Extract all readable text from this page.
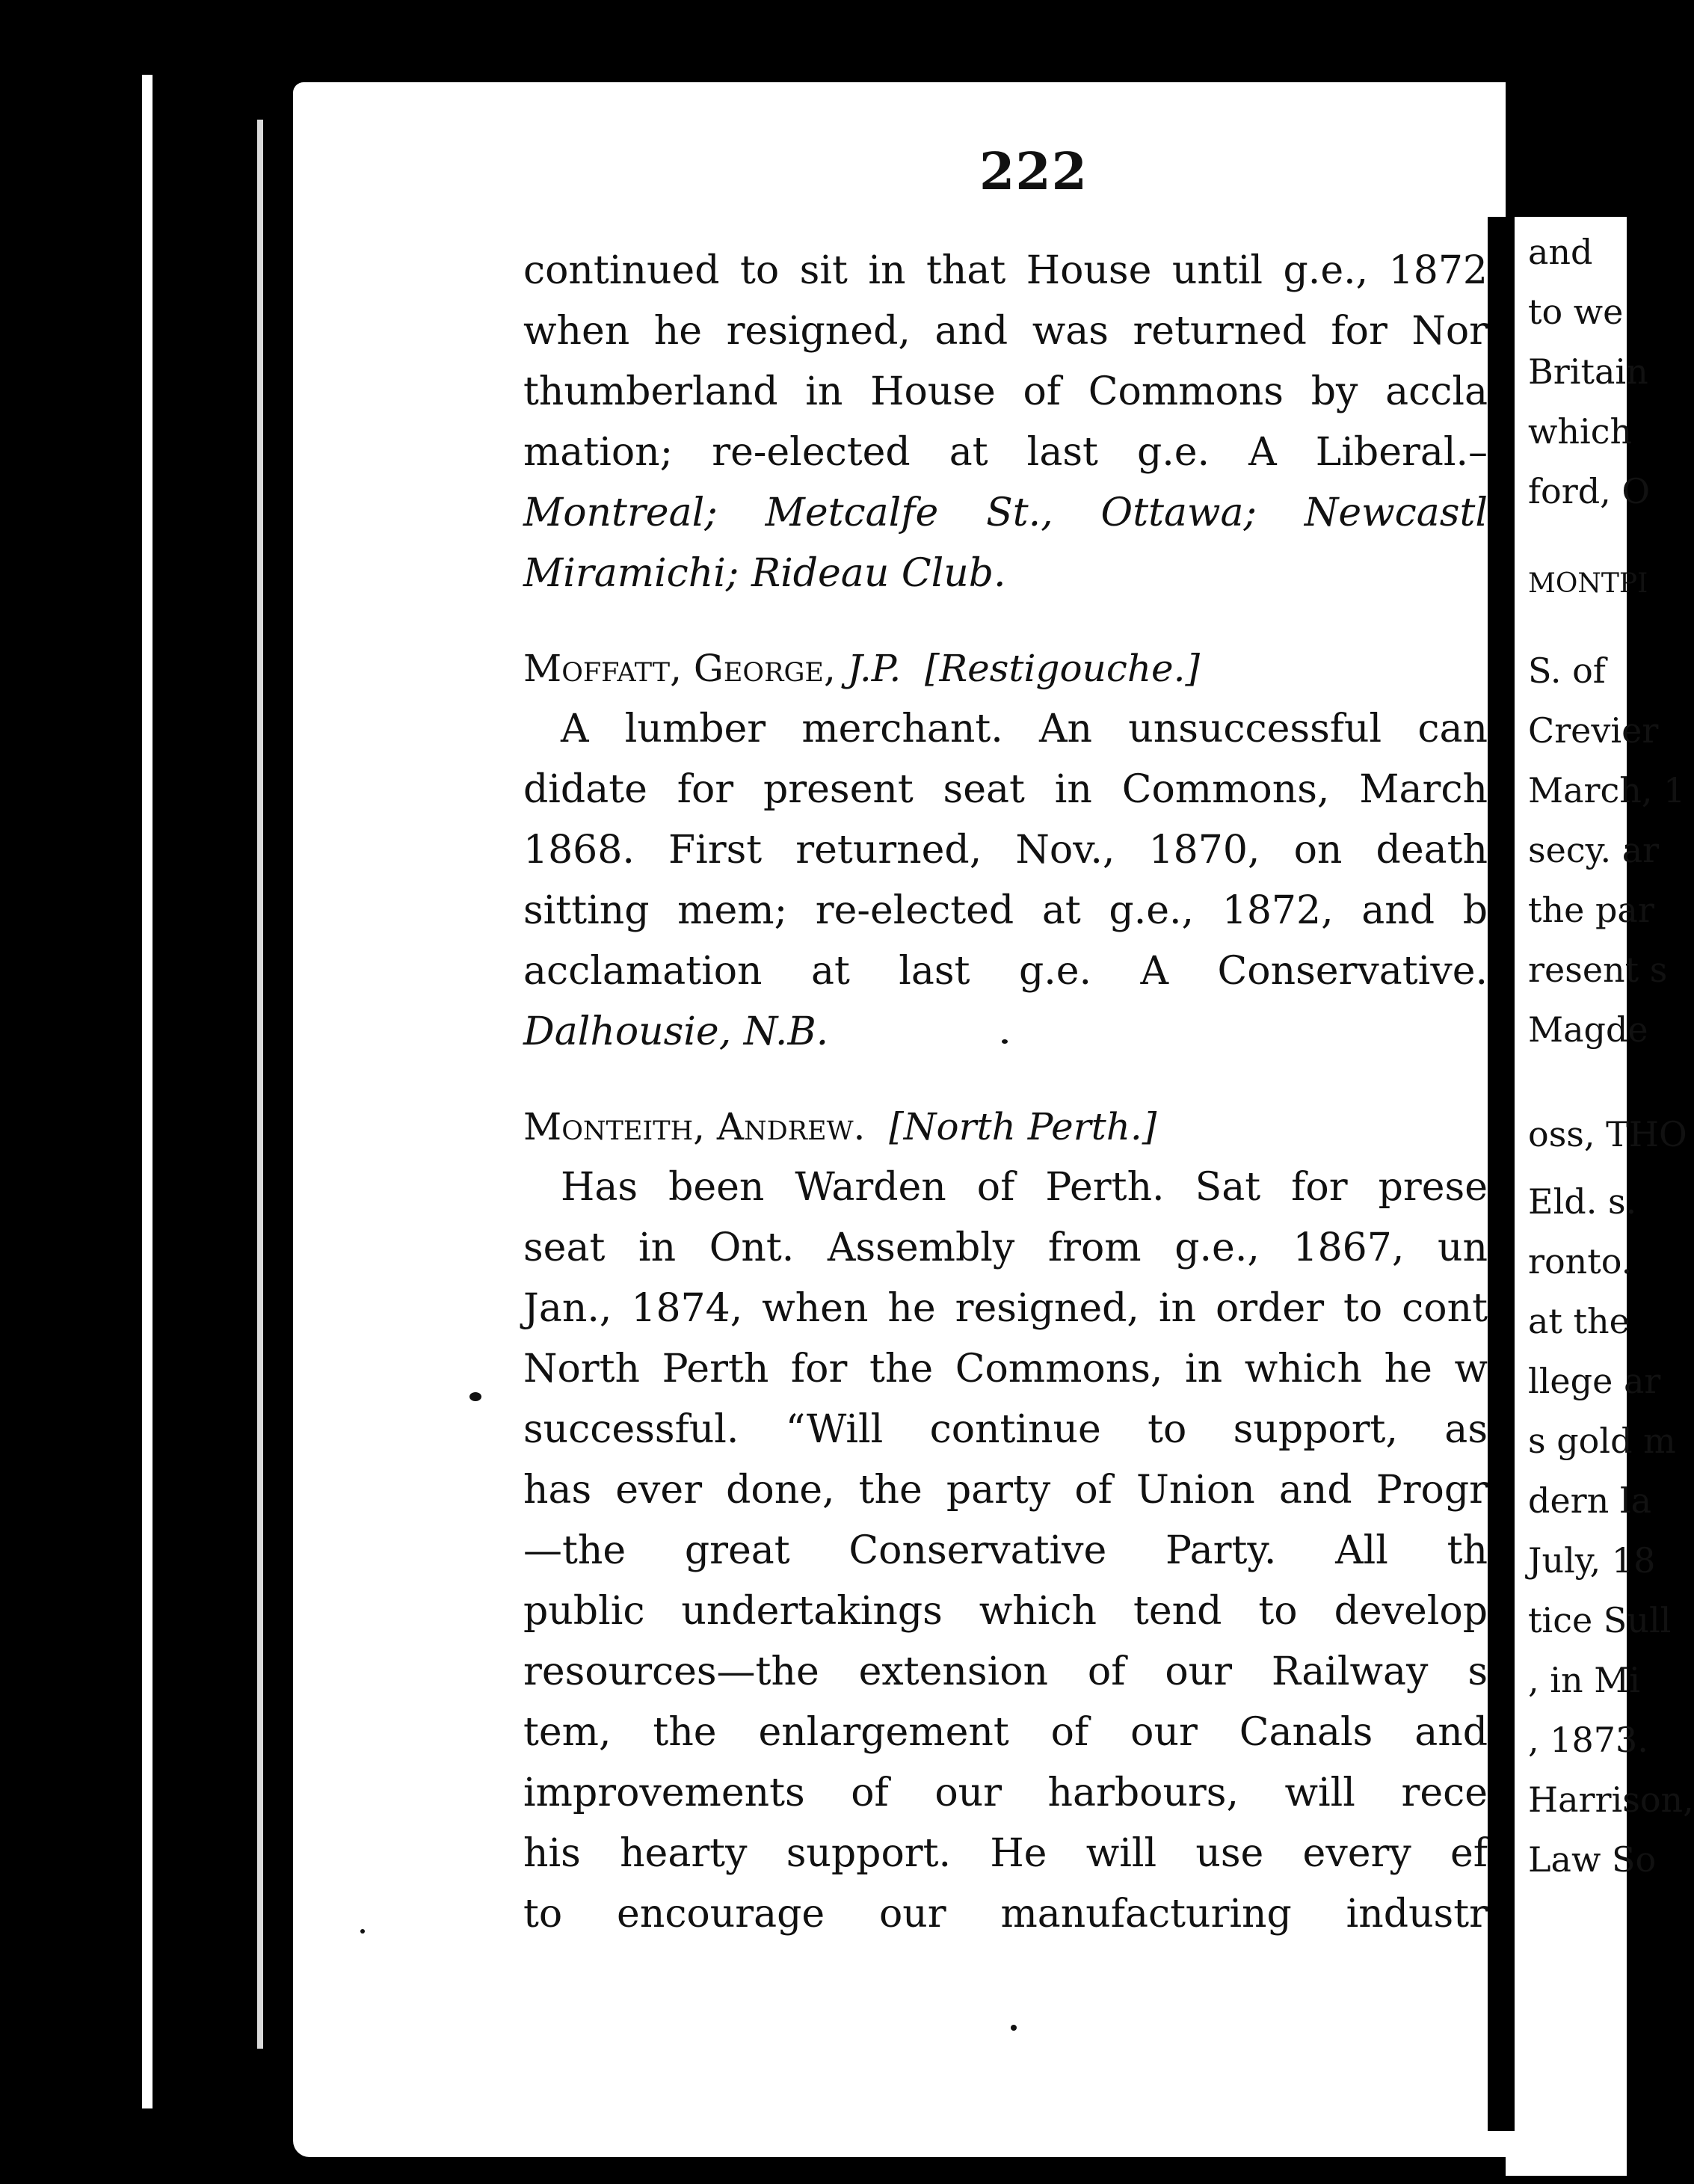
222
continued to sit in that House until g.e., 1872
when he resigned, and was returned for Nor
thumberland in House of Commons by accla
mation; re-elected at last g.e. A Liberal.–
Montreal; Metcalfe St., Ottawa; Newcastl
Miramichi; Rideau Club.
Moffatt, George, J.P. [Restigouche.]
A lumber merchant. An unsuccessful can
didate for present seat in Commons, March
1868. First returned, Nov., 1870, on death
sitting mem; re-elected at g.e., 1872, and b
acclamation at last g.e. A Conservative.
Dalhousie, N.B.
Monteith, Andrew.  [North Perth.]
Has been Warden of Perth. Sat for prese
seat in Ont. Assembly from g.e., 1867, un
Jan., 1874, when he resigned, in order to cont
North Perth for the Commons, in which he w
successful. “Will continue to support, as
has ever done, the party of Union and Progr
—the great Conservative Party. All th
public undertakings which tend to develop
resources—the extension of our Railway s
tem, the enlargement of our Canals and
improvements of our harbours, will rece
his hearty support. He will use every ef
to encourage our manufacturing industr
and
to we
Britain
which
ford, O
MONTPI
S. of
Crevier
March, 1
secy. ar
the par
resent s
Magde
oss, THO
Eld. s.
ronto.
at the
llege ar
s gold m
dern la
July, 18
tice Sull
, in Mi
, 1873.
Harrison,
Law So
